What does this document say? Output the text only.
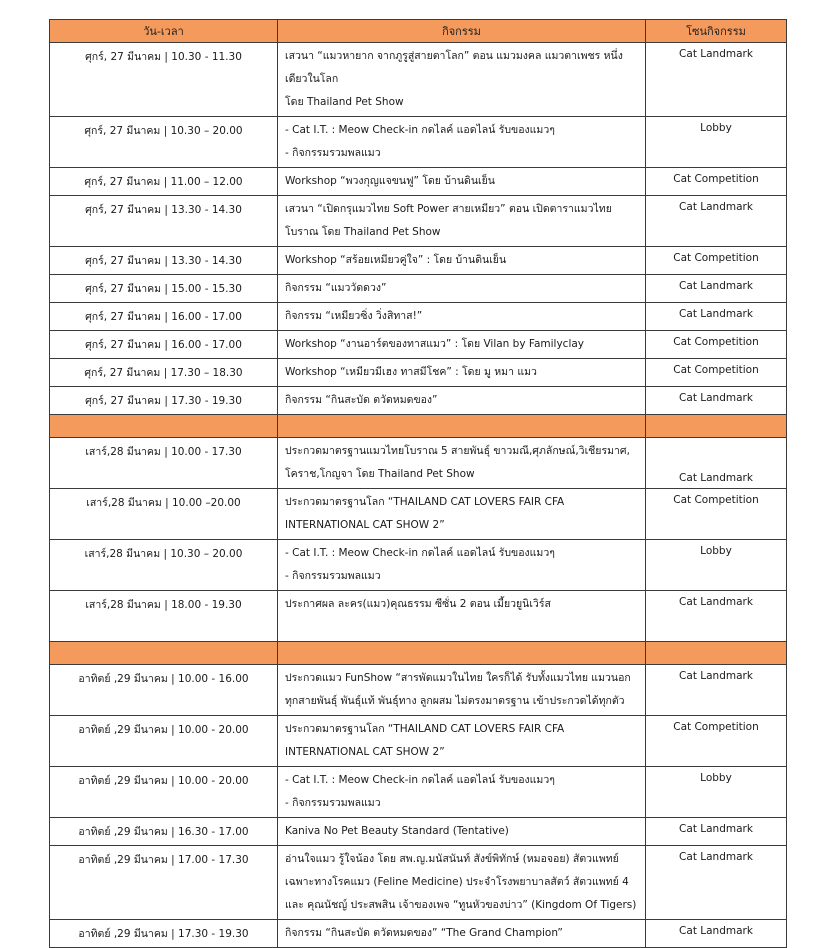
วัน-เวลา	กิจกรรม	โซนกิจกรรม
ศุกร์, 27 มีนาคม | 10.30 - 11.30	เสวนา “แมวหายาก จากภูรูสู่สายตาโลก” ตอน แมวมงคล แมวตาเพชร หนึ่ง
เดียวในโลก
โดย Thailand Pet Show	Cat Landmark
ศุกร์, 27 มีนาคม | 10.30 – 20.00	- Cat I.T. : Meow Check-in กดไลค์ แอดไลน์ รับของแมวๆ
- กิจกรรมรวมพลแมว	Lobby
ศุกร์, 27 มีนาคม | 11.00 – 12.00	Workshop “พวงกุญแจขนฟู” โดย บ้านดินเย็น	Cat Competition
ศุกร์, 27 มีนาคม | 13.30 - 14.30	เสวนา “เปิดกรุแมวไทย Soft Power สายเหมียว” ตอน เปิดตาราแมวไทย
โบราณ โดย Thailand Pet Show	Cat Landmark
ศุกร์, 27 มีนาคม | 13.30 - 14.30	Workshop “สร้อยเหมียวคู่ใจ” : โดย บ้านดินเย็น	Cat Competition
ศุกร์, 27 มีนาคม | 15.00 - 15.30	กิจกรรม “แมววัดดวง”	Cat Landmark
ศุกร์, 27 มีนาคม | 16.00 - 17.00	กิจกรรม “เหมียวซิ่ง วิ่งสิทาส!”	Cat Landmark
ศุกร์, 27 มีนาคม | 16.00 - 17.00	Workshop “งานอาร์ตของทาสแมว” : โดย Vilan by Familyclay	Cat Competition
ศุกร์, 27 มีนาคม | 17.30 – 18.30	Workshop “เหมียวมีเฮง ทาสมีโชค” : โดย มู หมา แมว	Cat Competition
ศุกร์, 27 มีนาคม | 17.30 - 19.30	กิจกรรม “กินสะบัด ตวัดหมดของ”	Cat Landmark

เสาร์,28 มีนาคม | 10.00 - 17.30	ประกวดมาตรฐานแมวไทยโบราณ 5 สายพันธุ์ ขาวมณี,ศุภลักษณ์,วิเชียรมาศ,
โคราช,โกญจา โดย Thailand Pet Show	Cat Landmark
เสาร์,28 มีนาคม | 10.00 –20.00	ประกวดมาตรฐานโลก “THAILAND CAT LOVERS FAIR CFA
INTERNATIONAL CAT SHOW 2”	Cat Competition
เสาร์,28 มีนาคม | 10.30 – 20.00	- Cat I.T. : Meow Check-in กดไลค์ แอดไลน์ รับของแมวๆ
- กิจกรรมรวมพลแมว	Lobby
เสาร์,28 มีนาคม | 18.00 - 19.30	ประกาศผล ละคร(แมว)คุณธรรม ซีซั่น 2 ตอน เมี้ยวยูนิเวิร์ส	Cat Landmark

อาทิตย์ ,29 มีนาคม | 10.00 - 16.00	ประกวดแมว FunShow “สารพัดแมวในไทย ใครก็ได้ รับทั้งแมวไทย แมวนอก
ทุกสายพันธุ์ พันธุ์แท้ พันธุ์ทาง ลูกผสม ไม่ตรงมาตรฐาน เข้าประกวดได้ทุกตัว	Cat Landmark
อาทิตย์ ,29 มีนาคม | 10.00 - 20.00	ประกวดมาตรฐานโลก “THAILAND CAT LOVERS FAIR CFA
INTERNATIONAL CAT SHOW 2”	Cat Competition
อาทิตย์ ,29 มีนาคม | 10.00 - 20.00	- Cat I.T. : Meow Check-in กดไลค์ แอดไลน์ รับของแมวๆ
- กิจกรรมรวมพลแมว	Lobby
อาทิตย์ ,29 มีนาคม | 16.30 - 17.00	Kaniva No Pet Beauty Standard (Tentative)	Cat Landmark
อาทิตย์ ,29 มีนาคม | 17.00 - 17.30	อ่านใจแมว รู้ใจน้อง โดย สพ.ญ.มนัสนันท์ สังข์พิทักษ์ (หมอจอย) สัตวแพทย์
เฉพาะทางโรคแมว (Feline Medicine) ประจำโรงพยาบาลสัตว์ สัตวแพทย์ 4
และ คุณนัชญ์ ประสพสิน เจ้าของเพจ “ทูนหัวของบ่าว” (Kingdom Of Tigers)	Cat Landmark
อาทิตย์ ,29 มีนาคม | 17.30 - 19.30	กิจกรรม “กินสะบัด ตวัดหมดของ” “The Grand Champion”	Cat Landmark
